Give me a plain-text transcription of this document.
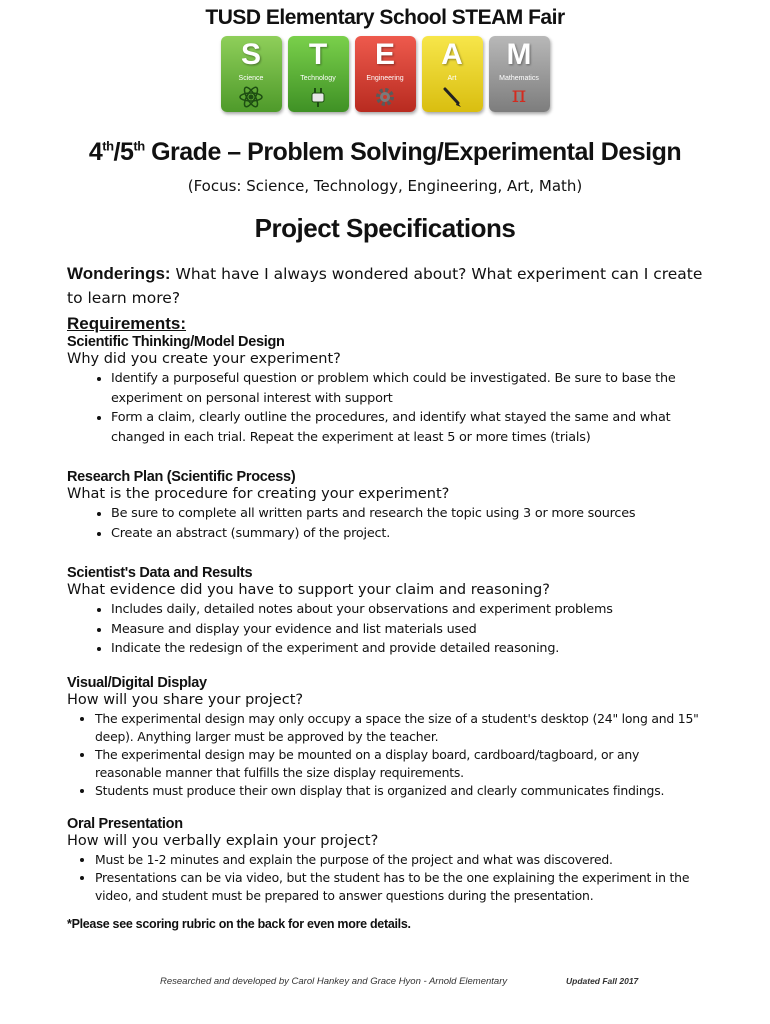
TUSD Elementary School STEAM Fair
S
Science
T
Technology
E
Engineering
A
Art
M
Mathematics
π
4th/5th Grade – Problem Solving/Experimental Design
(Focus: Science, Technology, Engineering, Art, Math)
Project Specifications

Wonderings: What have I always wondered about? What experiment can I create to learn more?

Requirements:

Scientific Thinking/Model Design

Why did you create your experiment?

• Identify a purposeful question or problem which could be investigated. Be sure to base the experiment on personal interest with support
• Form a claim, clearly outline the procedures, and identify what stayed the same and what changed in each trial. Repeat the experiment at least 5 or more times (trials)

Research Plan (Scientific Process)

What is the procedure for creating your experiment?

• Be sure to complete all written parts and research the topic using 3 or more sources
• Create an abstract (summary) of the project.

Scientist's Data and Results

What evidence did you have to support your claim and reasoning?

• Includes daily, detailed notes about your observations and experiment problems
• Measure and display your evidence and list materials used
• Indicate the redesign of the experiment and provide detailed reasoning.

Visual/Digital Display

How will you share your project?

• The experimental design may only occupy a space the size of a student's desktop (24" long and 15" deep). Anything larger must be approved by the teacher.
• The experimental design may be mounted on a display board, cardboard/tagboard, or any reasonable manner that fulfills the size display requirements.
• Students must produce their own display that is organized and clearly communicates findings.

Oral Presentation

How will you verbally explain your project?

• Must be 1-2 minutes and explain the purpose of the project and what was discovered.
• Presentations can be via video, but the student has to be the one explaining the experiment in the video, and student must be prepared to answer questions during the presentation.

*Please see scoring rubric on the back for even more details.

Researched and developed by Carol Hankey and Grace Hyon - Arnold Elementary	Updated Fall 2017
